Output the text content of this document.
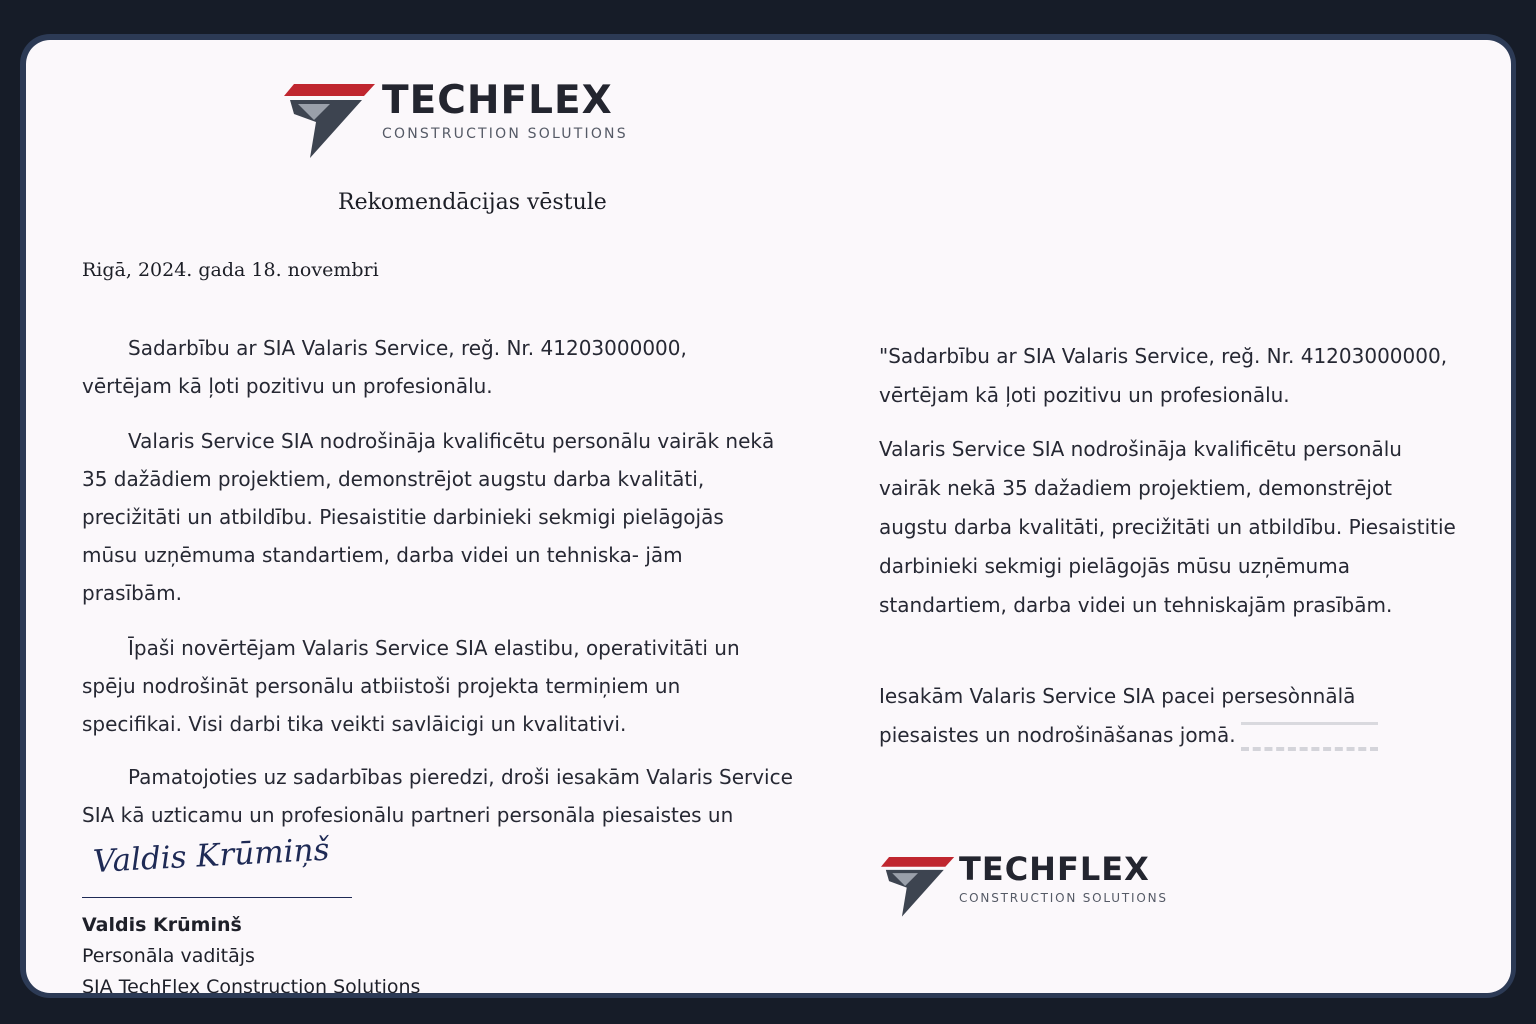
TECHFLEX
CONSTRUCTION SOLUTIONS
Rekomendācijas vēstule
Rigā, 2024. gada 18. novembri

Sadarbību ar SIA Valaris Service, reğ. Nr. 41203000000, vērtējam kā ļoti pozitivu un profesionālu.

Valaris Service SIA nodrošināja kvalificētu personālu vairāk nekā 35 dažādiem projektiem, demonstrējot augstu darba kvalitāti, precižitāti un atbildību. Piesaistitie darbinieki sekmigi pielāgojās mūsu uzņēmuma standartiem, darba videi un tehniska- jām prasībām.

Īpaši novērtējam Valaris Service SIA elastibu, operativitāti un spēju nodrošināt personālu atbiistoši projekta termiņiem un specifikai. Visi darbi tika veikti savlāicigi un kvalitativi.

Pamatojoties uz sadarbības pieredzi, droši iesakām Valaris Service SIA kā uzticamu un profesionālu partneri personāla piesaistes un

"Sadarbību ar SIA Valaris Service, reğ. Nr. 41203000000, vērtējam kā ļoti pozitivu un profesionālu.

Valaris Service SIA nodrošināja kvalificētu personālu vairāk nekā 35 dažadiem projektiem, demonstrējot augstu darba kvalitāti, precižitāti un atbildību. Piesaistitie darbinieki sekmigi pielāgojās mūsu uzņēmuma standartiem, darba videi un tehniskajām prasībām.

Iesakām Valaris Service SIA pacei persesònnālā piesaistes un nodrošināšanas jomā.

TECHFLEX
CONSTRUCTION SOLUTIONS
Valdis Krūmiņš
Valdis Krūminš
Personāla vaditājs
SIA TechFlex Construction Solutions
